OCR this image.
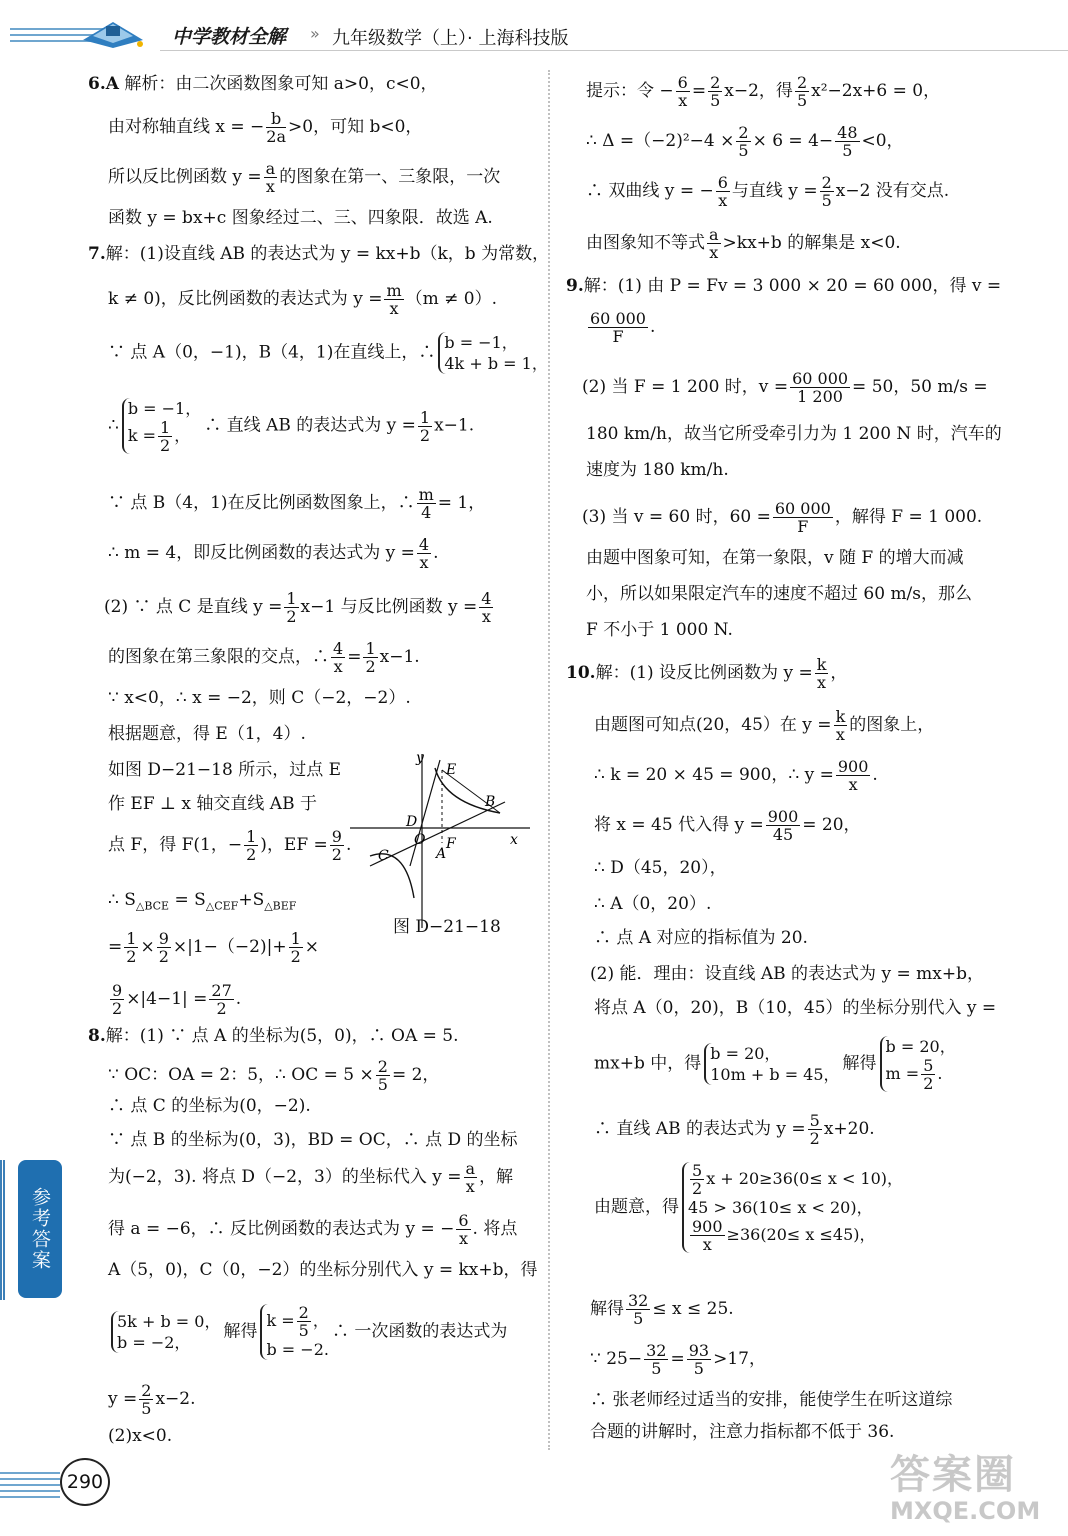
中学教材全解 » 九年级数学（上）· 上海科技版
参考答案
290	答案圈
MXQE.COM
6.A 解析：由二次函数图象可知 a>0，c<0，
由对称轴直线 x = − $\frac{b}{2a} >0$，可知 b<0，
所以反比例函数 $y = \frac{a}{x}$ 的图象在第一、三象限，一次
函数 y = bx+c 图象经过二、三、四象限．故选 A.
7.解：(1)设直线 AB 的表达式为 y = kx+b（k，b 为常数，
k ≠ 0)，反比例函数的表达式为 $y = \frac{m}{x} (m \ne 0)$.
∵ 点 A（0，−1)，B（4，1)在直线上，∴ b = −1，
4k + b = 1，
∴
b = −1，
$k = \frac{1}{2}$ ， ∴ 直线 AB 的表达式为 $y = \frac{1}{2} x-1$.
∵ 点 B（4，1)在反比例函数图象上，∴ $\frac{m}{4} = 1$，
∴ m = 4，即反比例函数的表达式为 $y = \frac{4}{x}$ .
(2) ∵ 点 C 是直线 $y = \frac{1}{2} x-1$ 与反比例函数 $y = \frac{4}{x}$
的图象在第三象限的交点，∴ $\frac{4}{x} = \frac{1}{2} x-1$.
∵ x<0，∴ x = −2，则 C（−2，−2）.
根据题意，得 E（1，4）.
如图 D−21−18 所示，过点 E
作 EF ⊥ x 轴交直线 AB 于
点 F，得 F(1，− $\frac{1}{2}$ )，EF = $\frac{9}{2}$ .
∴ $S_{\triangle BCE} = S_{\triangle CEF}+S_{\triangle BEF}$
= $\frac{1}{2} \times \frac{9}{2} \times|1-(-2)|+ \frac{1}{2}$ ×
$\frac{9}{2} \times|4-1| = \frac{27}{2}$ .
y
x
E
B
D
O F
A
C
图 D−21−18
8.解：(1) ∵ 点 A 的坐标为(5，0)，∴ OA = 5.
∵ OC：OA = 2：5，∴ OC = $5 \times \frac{2}{5} = 2$，
∴ 点 C 的坐标为(0，−2).
∵ 点 B 的坐标为(0，3)，BD = OC，∴ 点 D 的坐标
为(−2，3). 将点 D（−2，3）的坐标代入 $y = \frac{a}{x}$ ，解
得 a = −6，∴ 反比例函数的表达式为 y = − $\frac{6}{x}$ . 将点
A（5，0)，C（0，−2）的坐标分别代入 y = kx+b，得
5k + b = 0，
b = −2，
解得
$k = \frac{2}{5}$ ，
b = −2.
∴ 一次函数的表达式为
$y = \frac{2}{5} x-2$.
(2)x<0.
提示：令 − $\frac{6}{x} = \frac{2}{5} x-2$，得 $\frac{2}{5} x^2-2x+6 = 0$，
∴ $\Delta =(-2)^2-4 \times \frac{2}{5} \times 6 = 4- \frac{48}{5} <0$，
∴ 双曲线 y = − $\frac{6}{x}$ 与直线 $y = \frac{2}{5} x-2$ 没有交点.
由图象知不等式 $\frac{a}{x} >kx+b$ 的解集是 x<0.
9.解：(1) 由 P = Fv = 3 000 × 20 = 60 000，得 v =
$\frac{60 000}{F}$ .
(2) 当 F = 1 200 时，$v = \frac{60 000}{1 200} = 50$，50 m/s =
180 km/h，故当它所受牵引力为 1 200 N 时，汽车的
速度为 180 km/h.
(3) 当 v = 60 时，$60 = \frac{60 000}{F}$ ，解得 F = 1 000.
由题中图象可知，在第一象限，v 随 F 的增大而减
小，所以如果限定汽车的速度不超过 60 m/s，那么
F 不小于 1 000 N.
10.解：(1) 设反比例函数为 $y = \frac{k}{x}$ ，
由题图可知点(20，45）在 $y = \frac{k}{x}$ 的图象上，
∴ k = 20 × 45 = 900，∴ $y = \frac{900}{x}$ .
将 x = 45 代入得 $y = \frac{900}{45} = 20$，
∴ D（45，20），
∴ A（0，20）.
∴ 点 A 对应的指标值为 20.
(2) 能．理由：设直线 AB 的表达式为 y = mx+b，
将点 A（0，20)，B（10，45）的坐标分别代入 y =
mx+b 中，得 b = 20，
10m + b = 45，
解得
b = 20，
$m = \frac{5}{2}$ .
∴ 直线 AB 的表达式为 $y = \frac{5}{2} x+20$.
由题意，得
$\frac{5}{2}$ x + 20≥36(0≤ x < 10)，
45 > 36(10≤ x < 20)，
$\frac{900}{x} \ge 36(20\le x \le 45)$，
解得 $\frac{32}{5} \le x \le 25$.
∵ $25- \frac{32}{5} = \frac{93}{5} >17$，
∴ 张老师经过适当的安排，能使学生在听这道综
合题的讲解时，注意力指标都不低于 36.
